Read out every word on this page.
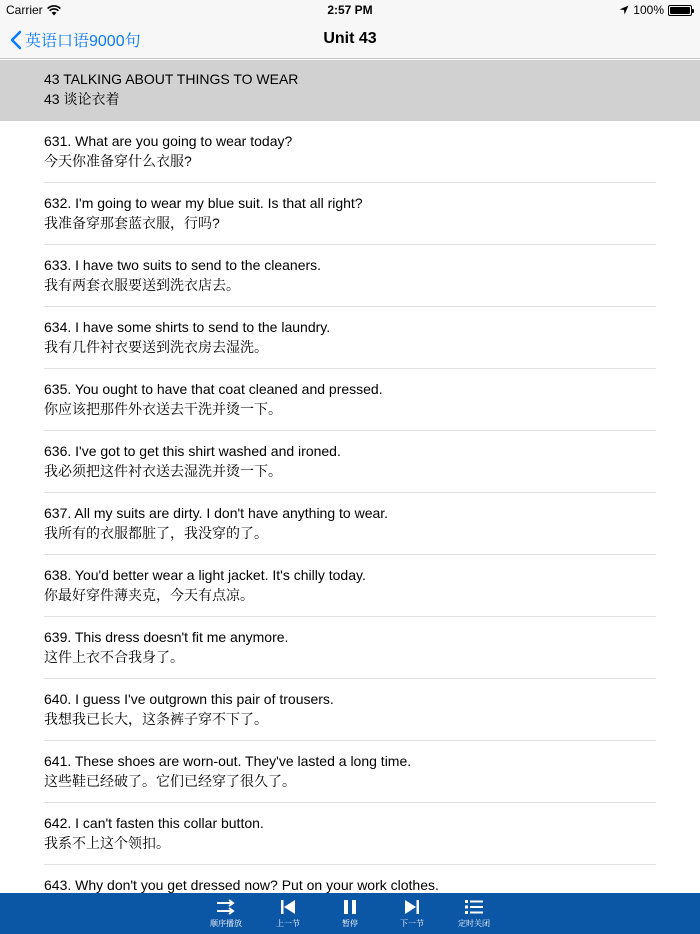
Carrier	2:57 PM	100%
英语口语9000句	Unit 43
43 TALKING ABOUT THINGS TO WEAR
43 谈论衣着
631. What are you going to wear today?
今天你准备穿什么衣服?
632. I'm going to wear my blue suit. Is that all right?
我准备穿那套蓝衣服，行吗?
633. I have two suits to send to the cleaners.
我有两套衣服要送到洗衣店去。
634. I have some shirts to send to the laundry.
我有几件衬衣要送到洗衣房去湿洗。
635. You ought to have that coat cleaned and pressed.
你应该把那件外衣送去干洗并烫一下。
636. I've got to get this shirt washed and ironed.
我必须把这件衬衣送去湿洗并烫一下。
637. All my suits are dirty. I don't have anything to wear.
我所有的衣服都脏了，我没穿的了。
638. You'd better wear a light jacket. It's chilly today.
你最好穿件薄夹克，今天有点凉。
639. This dress doesn't fit me anymore.
这件上衣不合我身了。
640. I guess I've outgrown this pair of trousers.
我想我已长大，这条裤子穿不下了。
641. These shoes are worn-out. They've lasted a long time.
这些鞋已经破了。它们已经穿了很久了。
642. I can't fasten this collar button.
我系不上这个领扣。
643. Why don't you get dressed now? Put on your work clothes.
顺序播放	上一节	暂停	下一节	定时关闭
